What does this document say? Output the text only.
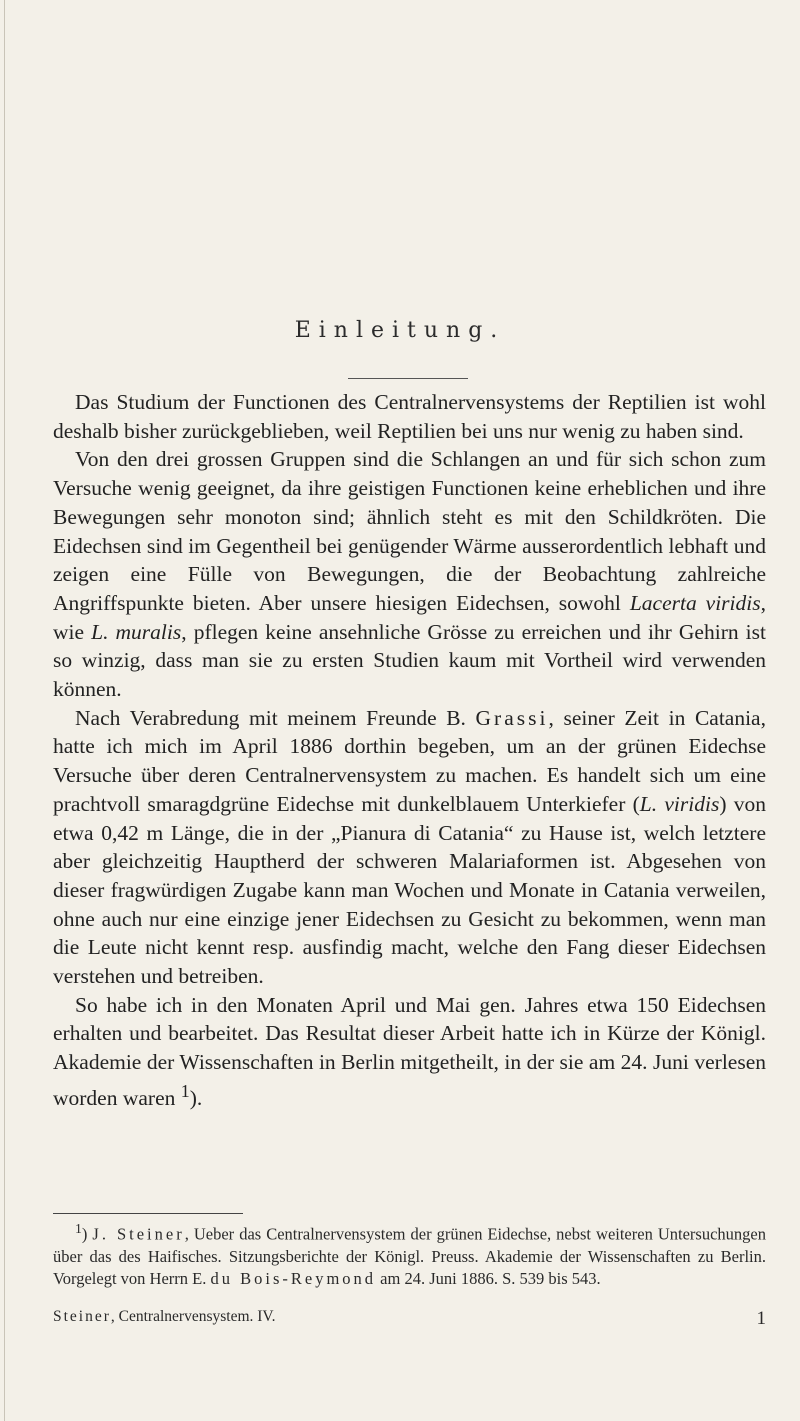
Einleitung.

Das Studium der Functionen des Centralnervensystems der Reptilien ist wohl deshalb bisher zurückgeblieben, weil Reptilien bei uns nur wenig zu haben sind.

Von den drei grossen Gruppen sind die Schlangen an und für sich schon zum Versuche wenig geeignet, da ihre geistigen Functionen keine erheblichen und ihre Bewegungen sehr monoton sind; ähnlich steht es mit den Schildkröten. Die Eidechsen sind im Gegentheil bei genügender Wärme ausserordentlich lebhaft und zeigen eine Fülle von Bewegungen, die der Beobachtung zahlreiche Angriffspunkte bieten. Aber unsere hiesigen Eidechsen, sowohl Lacerta viridis, wie L. muralis, pflegen keine ansehnliche Grösse zu erreichen und ihr Gehirn ist so winzig, dass man sie zu ersten Studien kaum mit Vortheil wird verwenden können.

Nach Verabredung mit meinem Freunde B. Grassi, seiner Zeit in Catania, hatte ich mich im April 1886 dorthin begeben, um an der grünen Eidechse Versuche über deren Centralnervensystem zu machen. Es handelt sich um eine prachtvoll smaragdgrüne Eidechse mit dunkelblauem Unterkiefer (L. viridis) von etwa 0,42 m Länge, die in der „Pianura di Catania“ zu Hause ist, welch letztere aber gleichzeitig Hauptherd der schweren Malariaformen ist. Abgesehen von dieser fragwürdigen Zugabe kann man Wochen und Monate in Catania verweilen, ohne auch nur eine einzige jener Eidechsen zu Gesicht zu bekommen, wenn man die Leute nicht kennt resp. ausfindig macht, welche den Fang dieser Eidechsen verstehen und betreiben.

So habe ich in den Monaten April und Mai gen. Jahres etwa 150 Eidechsen erhalten und bearbeitet. Das Resultat dieser Arbeit hatte ich in Kürze der Königl. Akademie der Wissenschaften in Berlin mitgetheilt, in der sie am 24. Juni verlesen worden waren $^1$).

$^1$) J. Steiner, Ueber das Centralnervensystem der grünen Eidechse, nebst weiteren Untersuchungen über das des Haifisches. Sitzungsberichte der Königl. Preuss. Akademie der Wissenschaften zu Berlin. Vorgelegt von Herrn E. du Bois-Reymond am 24. Juni 1886. S. 539 bis 543.
Steiner, Centralnervensystem. IV.	1
